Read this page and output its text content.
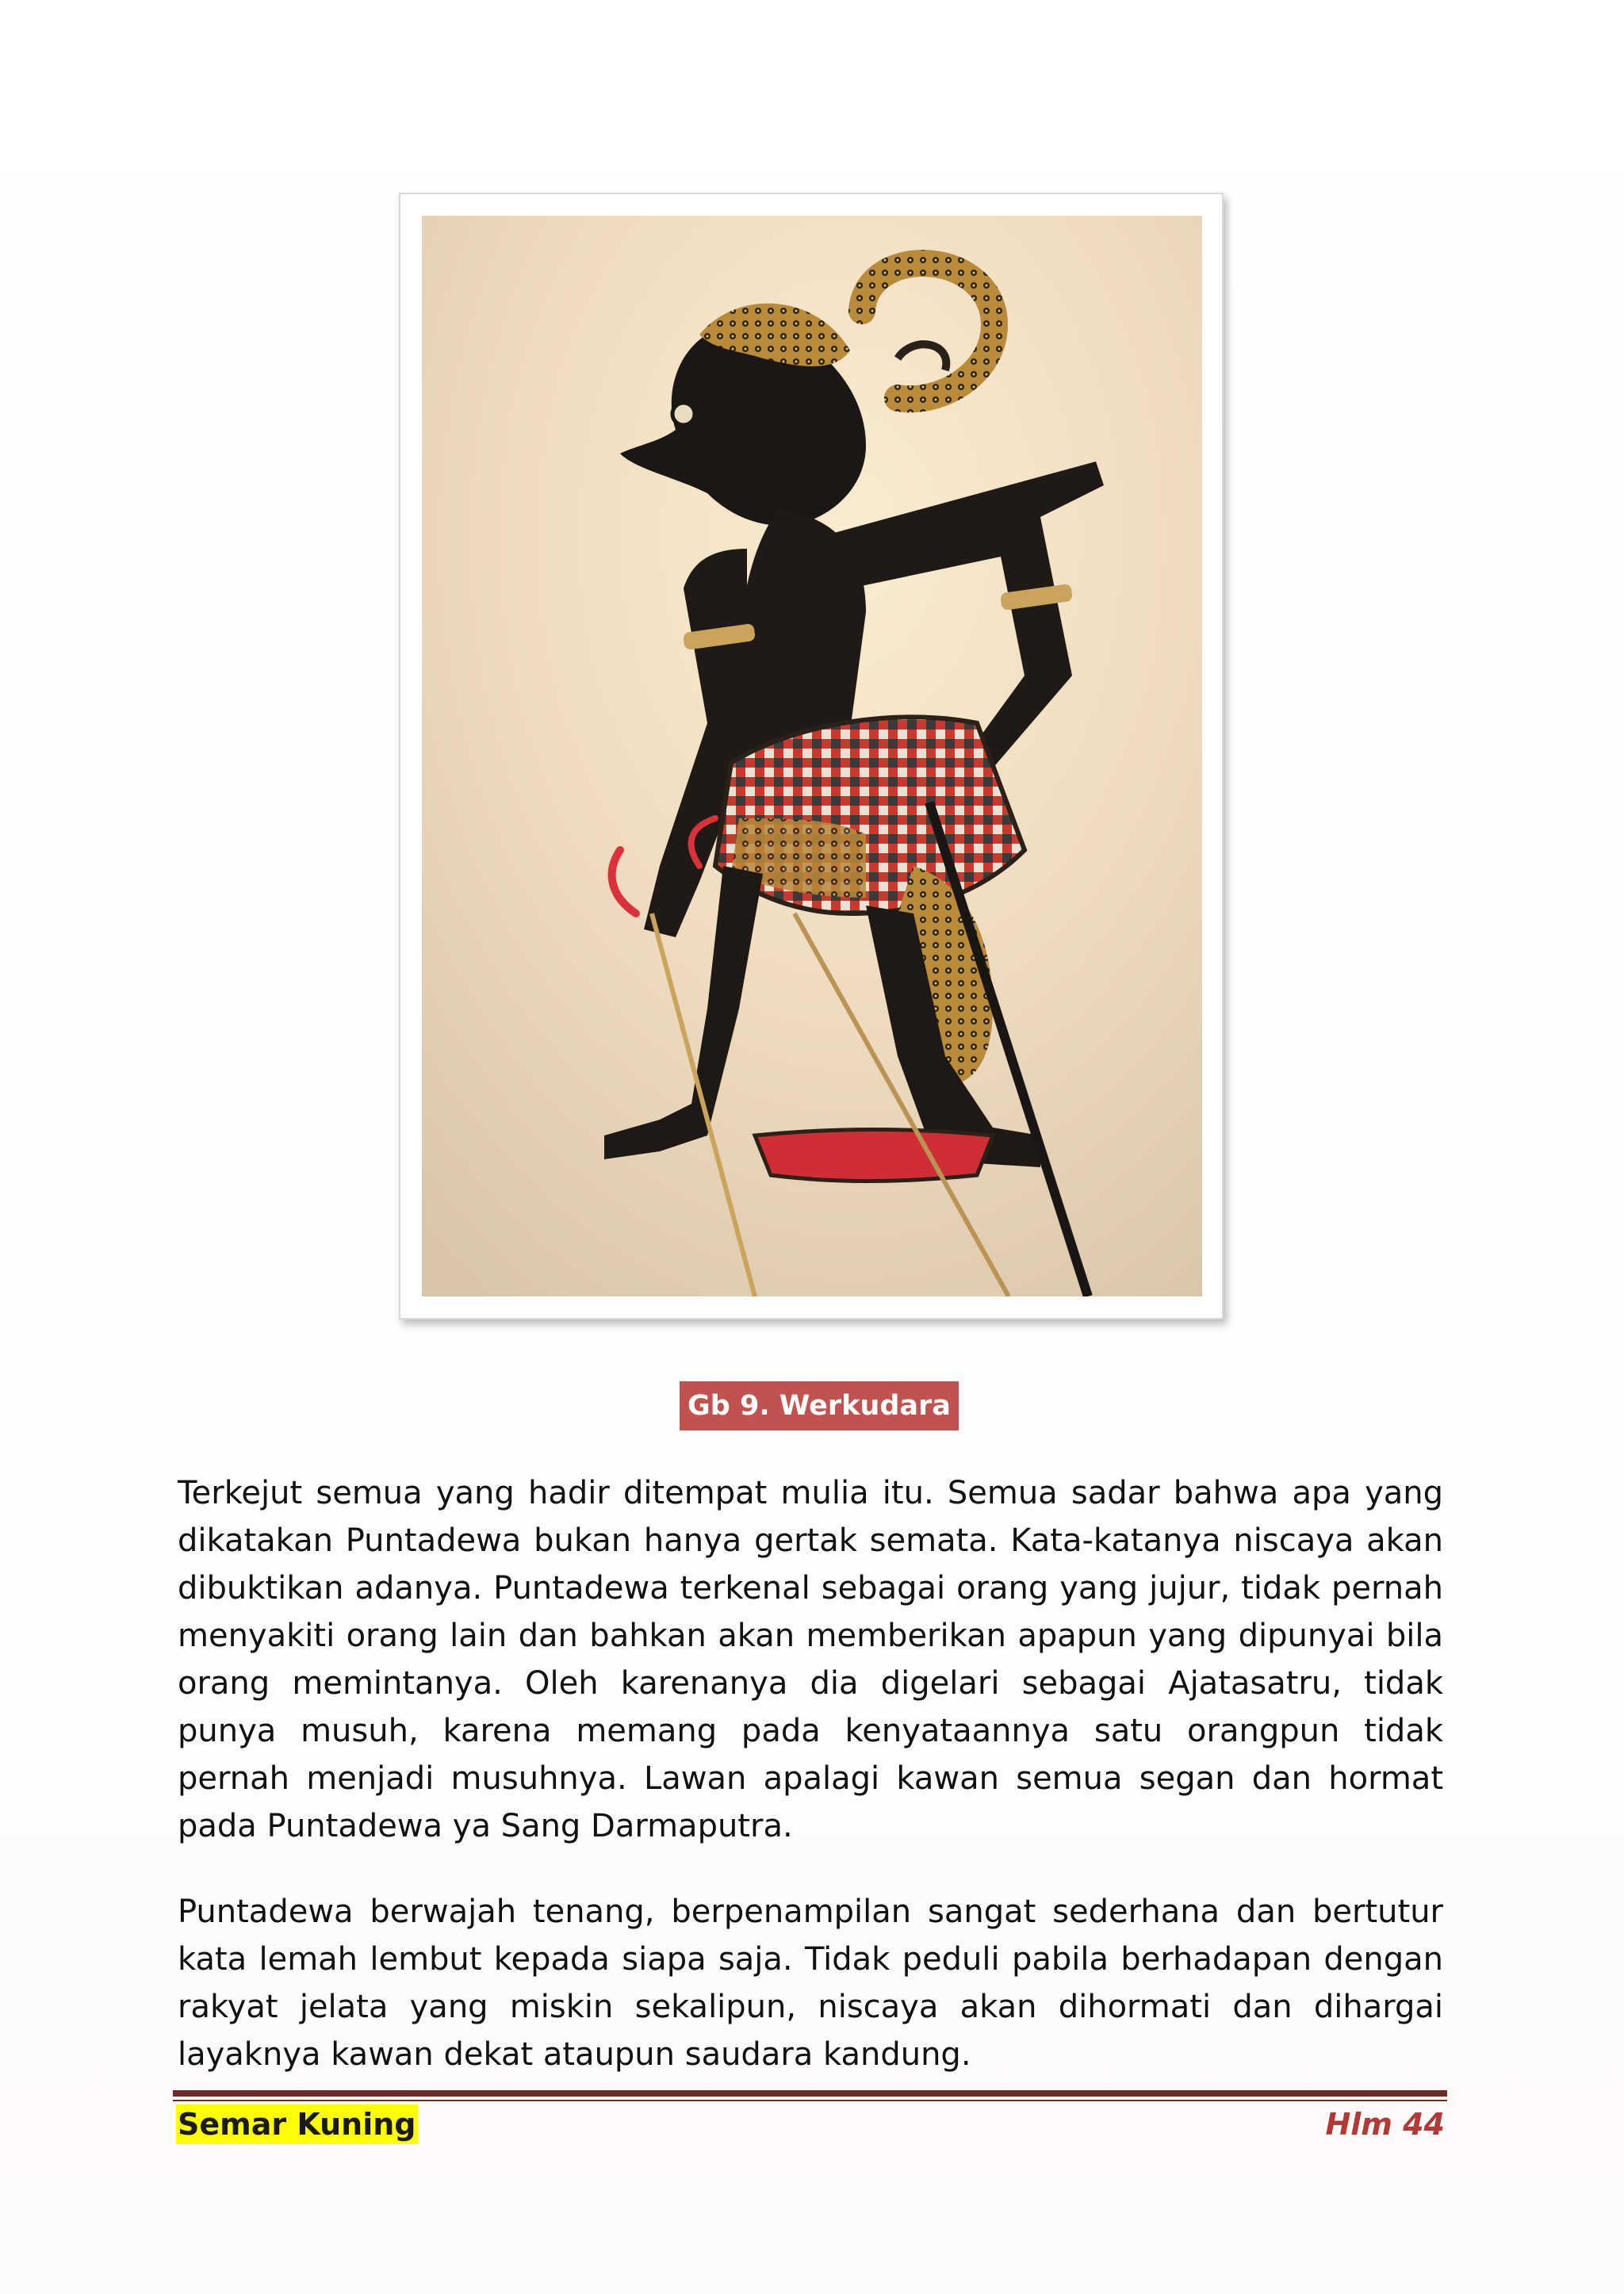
Gb 9. Werkudara

Terkejut semua yang hadir ditempat mulia itu. Semua sadar bahwa apa yang dikatakan Puntadewa bukan hanya gertak semata. Kata-katanya niscaya akan dibuktikan adanya. Puntadewa terkenal sebagai orang yang jujur, tidak pernah menyakiti orang lain dan bahkan akan memberikan apapun yang dipunyai bila orang memintanya. Oleh karenanya dia digelari sebagai Ajatasatru, tidak punya musuh, karena memang pada kenyataannya satu orangpun tidak pernah menjadi musuhnya. Lawan apalagi kawan semua segan dan hormat pada Puntadewa ya Sang Darmaputra.

Puntadewa berwajah tenang, berpenampilan sangat sederhana dan bertutur kata lemah lembut kepada siapa saja. Tidak peduli pabila berhadapan dengan rakyat jelata yang miskin sekalipun, niscaya akan dihormati dan dihargai layaknya kawan dekat ataupun saudara kandung.

Semar Kuning	Hlm 44
